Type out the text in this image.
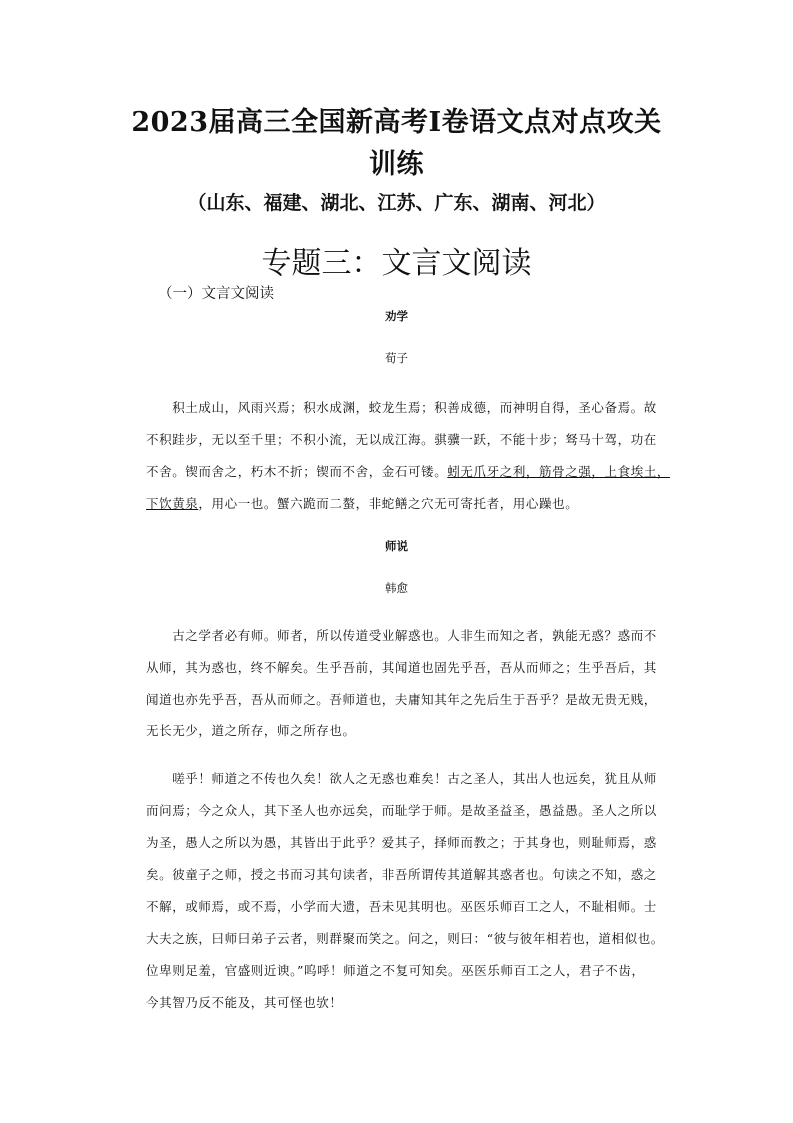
2023届高三全国新高考Ⅰ卷语文点对点攻关
训练
（山东、福建、湖北、江苏、广东、湖南、河北）
专题三：文言文阅读
（一）文言文阅读
劝学
荀子
　　积土成山，风雨兴焉；积水成渊，蛟龙生焉；积善成德，而神明自得，圣心备焉。故
不积跬步，无以至千里；不积小流，无以成江海。骐骥一跃，不能十步；驽马十驾，功在
不舍。锲而舍之，朽木不折；锲而不舍，金石可镂。蚓无爪牙之利，筋骨之强，上食埃土，
下饮黄泉，用心一也。蟹六跪而二螯，非蛇鳝之穴无可寄托者，用心躁也。
师说
韩愈
　　古之学者必有师。师者，所以传道受业解惑也。人非生而知之者，孰能无惑？惑而不
从师，其为惑也，终不解矣。生乎吾前，其闻道也固先乎吾，吾从而师之；生乎吾后，其
闻道也亦先乎吾，吾从而师之。吾师道也，夫庸知其年之先后生于吾乎？是故无贵无贱，
无长无少，道之所存，师之所存也。
　　嗟乎！师道之不传也久矣！欲人之无惑也难矣！古之圣人，其出人也远矣，犹且从师
而问焉；今之众人，其下圣人也亦远矣，而耻学于师。是故圣益圣，愚益愚。圣人之所以
为圣，愚人之所以为愚，其皆出于此乎？爱其子，择师而教之；于其身也，则耻师焉，惑
矣。彼童子之师，授之书而习其句读者，非吾所谓传其道解其惑者也。句读之不知，惑之
不解，或师焉，或不焉，小学而大遗，吾未见其明也。巫医乐师百工之人，不耻相师。士
大夫之族，曰师曰弟子云者，则群聚而笑之。问之，则曰：“彼与彼年相若也，道相似也。
位卑则足羞，官盛则近谀。”呜呼！师道之不复可知矣。巫医乐师百工之人，君子不齿，
今其智乃反不能及，其可怪也欤！
